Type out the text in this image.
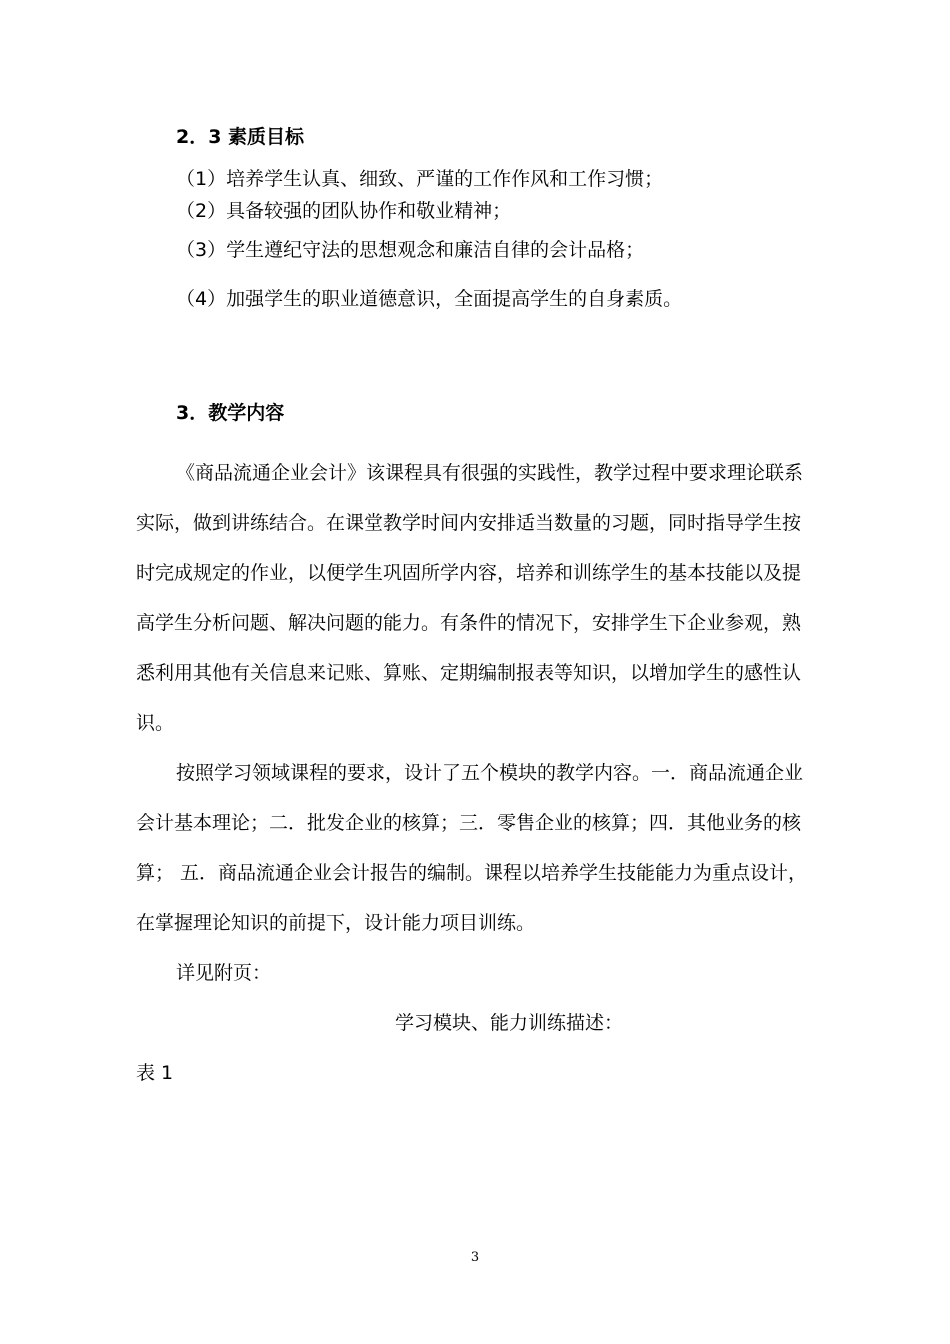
2．3 素质目标
（1）培养学生认真、细致、严谨的工作作风和工作习惯；
（2）具备较强的团队协作和敬业精神；
（3）学生遵纪守法的思想观念和廉洁自律的会计品格；
（4）加强学生的职业道德意识，全面提高学生的自身素质。
3．教学内容
《商品流通企业会计》该课程具有很强的实践性，教学过程中要求理论联系
实际，做到讲练结合。在课堂教学时间内安排适当数量的习题，同时指导学生按
时完成规定的作业，以便学生巩固所学内容，培养和训练学生的基本技能以及提
高学生分析问题、解决问题的能力。有条件的情况下，安排学生下企业参观，熟
悉利用其他有关信息来记账、算账、定期编制报表等知识，以增加学生的感性认
识。
按照学习领域课程的要求，设计了五个模块的教学内容。一．商品流通企业
会计基本理论；二．批发企业的核算；三．零售企业的核算；四．其他业务的核
算； 五．商品流通企业会计报告的编制。课程以培养学生技能能力为重点设计，
在掌握理论知识的前提下，设计能力项目训练。
详见附页：
学习模块、能力训练描述：
表 1
3
